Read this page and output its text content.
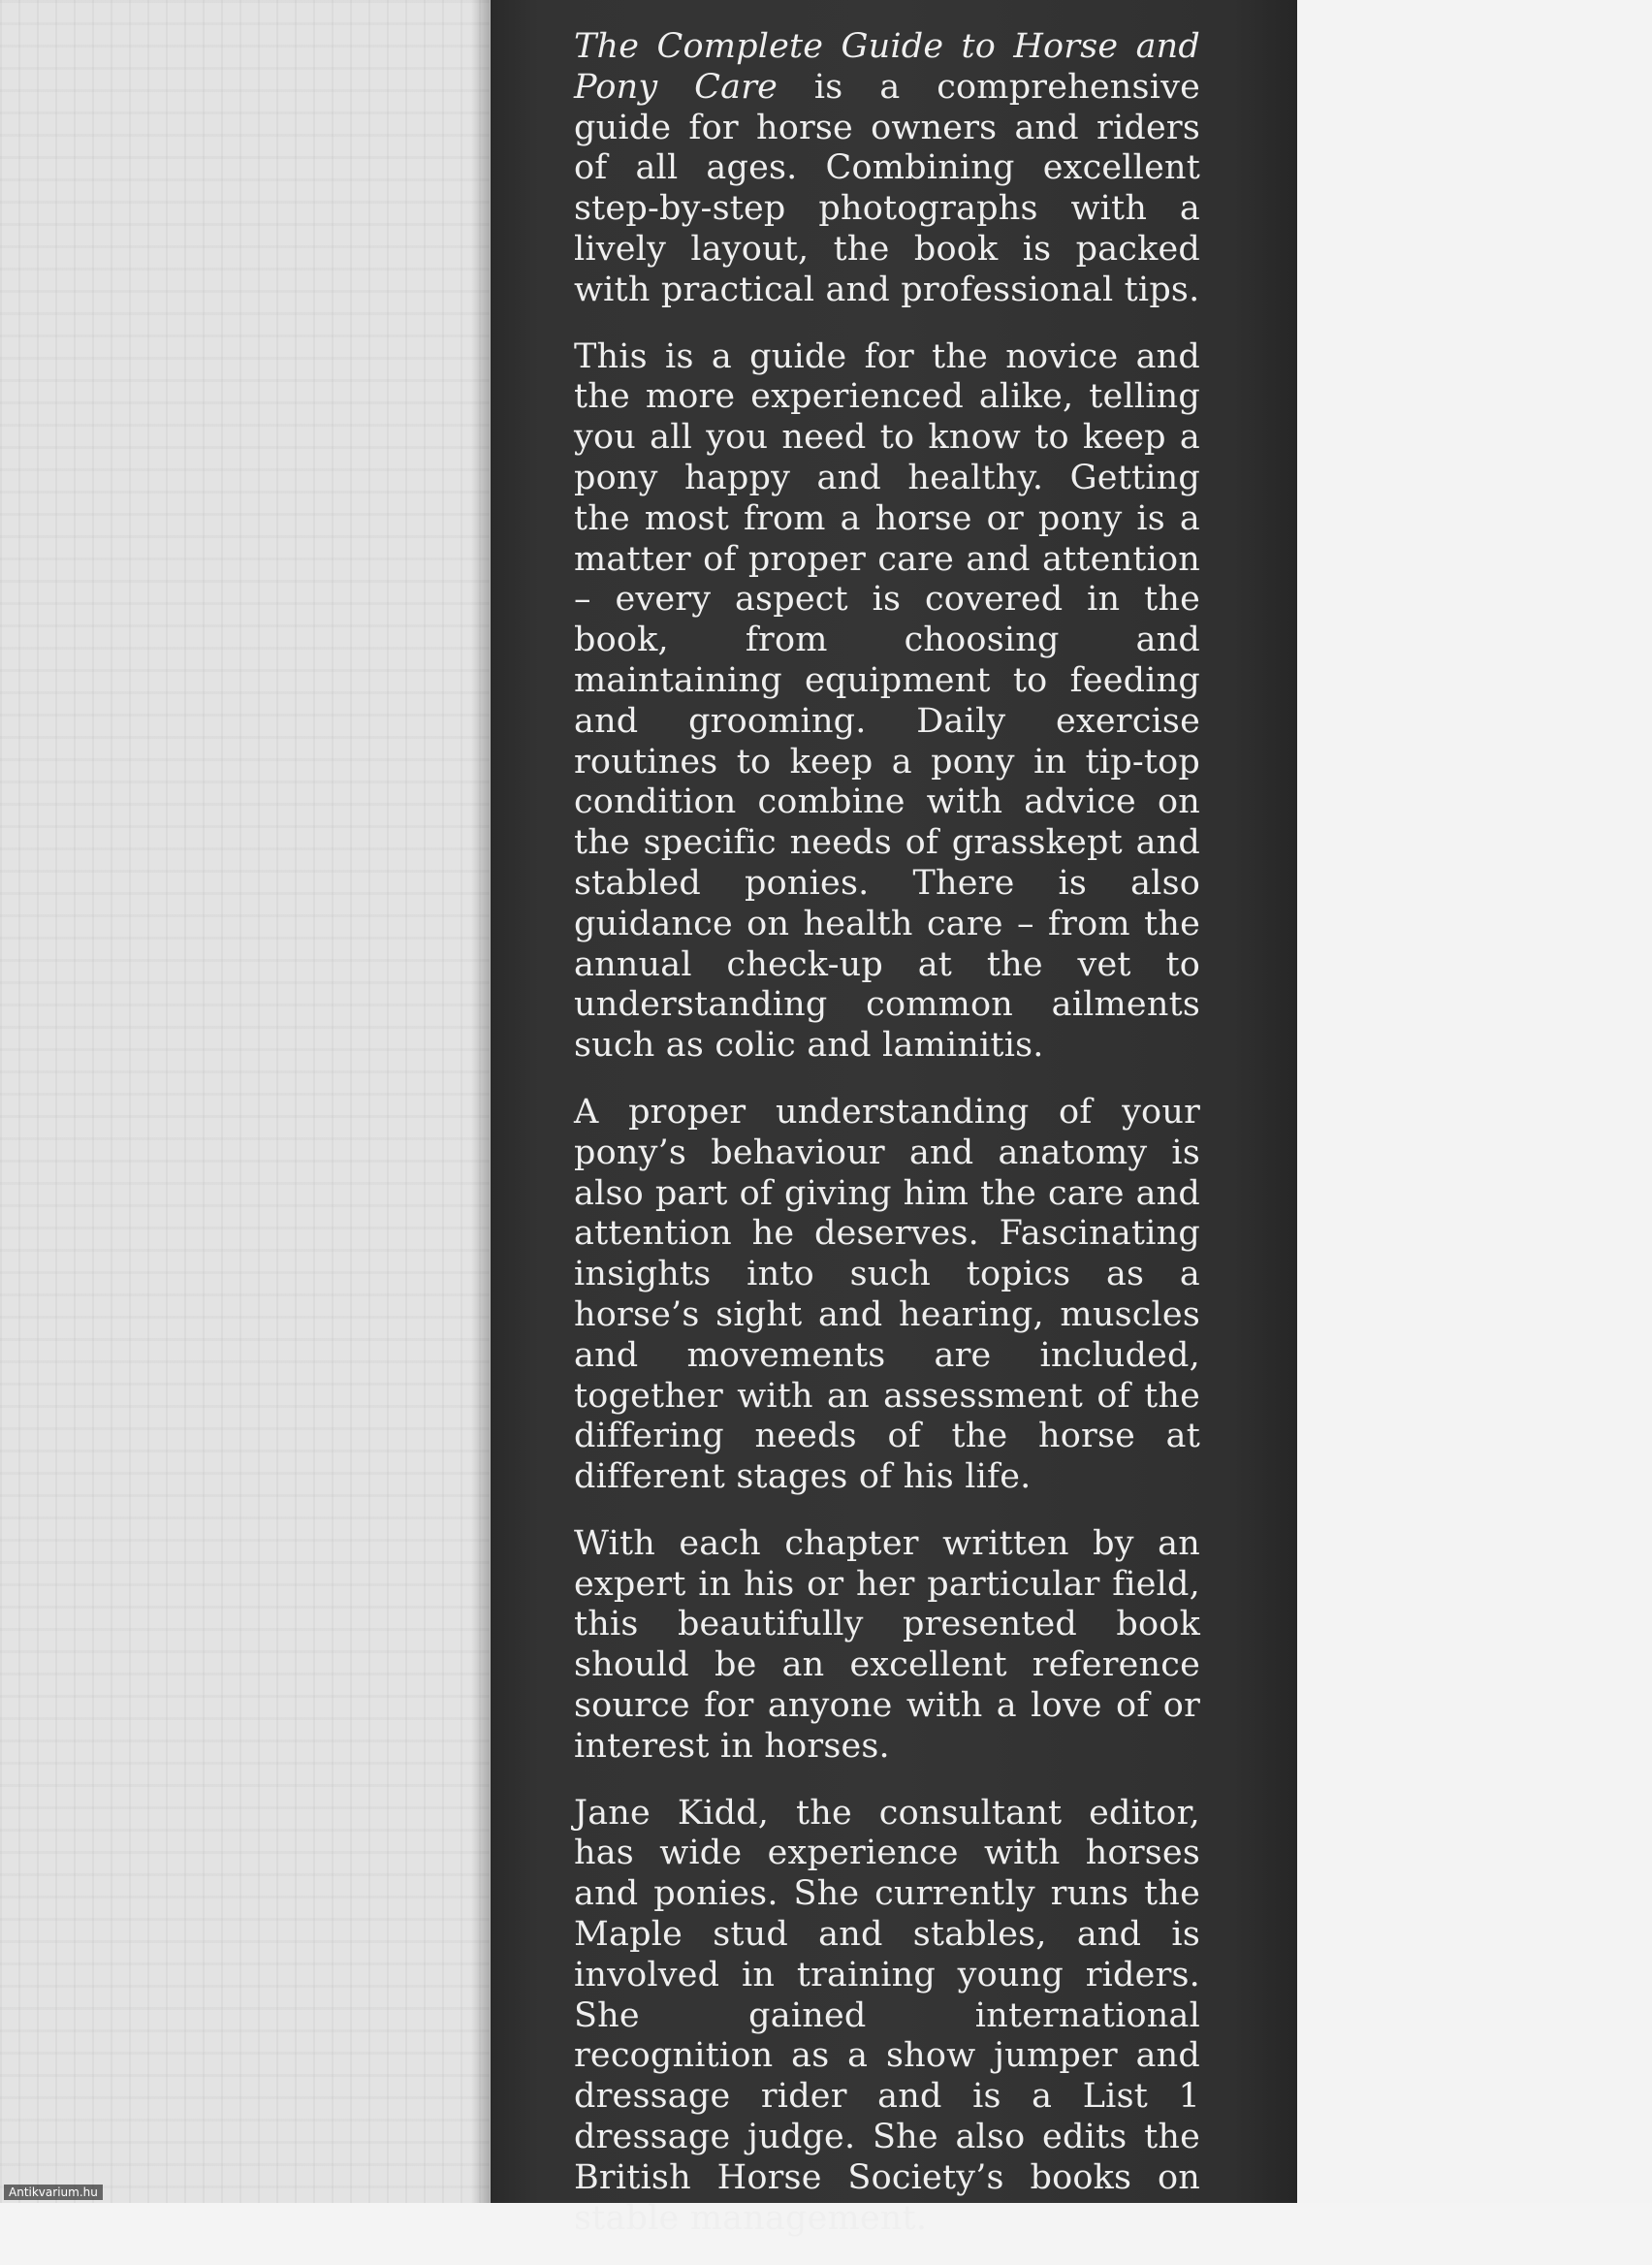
The Complete Guide to Horse and Pony Care is a comprehensive guide for horse owners and riders of all ages. Combining excellent step-by-step photographs with a lively layout, the book is packed with practical and professional tips.

This is a guide for the novice and the more experienced alike, telling you all you need to know to keep a pony happy and healthy. Getting the most from a horse or pony is a matter of proper care and attention – every aspect is covered in the book, from choosing and maintaining equipment to feeding and grooming. Daily exercise routines to keep a pony in tip-top condition combine with advice on the specific needs of grasskept and stabled ponies. There is also guidance on health care – from the annual check-up at the vet to understanding common ailments such as colic and laminitis.

A proper understanding of your pony’s behaviour and anatomy is also part of giving him the care and attention he deserves. Fascinating insights into such topics as a horse’s sight and hearing, muscles and movements are included, together with an assessment of the differing needs of the horse at different stages of his life.

With each chapter written by an expert in his or her particular field, this beautifully presented book should be an excellent reference source for anyone with a love of or interest in horses.

Jane Kidd, the consultant editor, has wide experience with horses and ponies. She currently runs the Maple stud and stables, and is involved in training young riders. She gained international recognition as a show jumper and dressage rider and is a List 1 dressage judge. She also edits the British Horse Society’s books on stable management.

Antikvarium.hu
